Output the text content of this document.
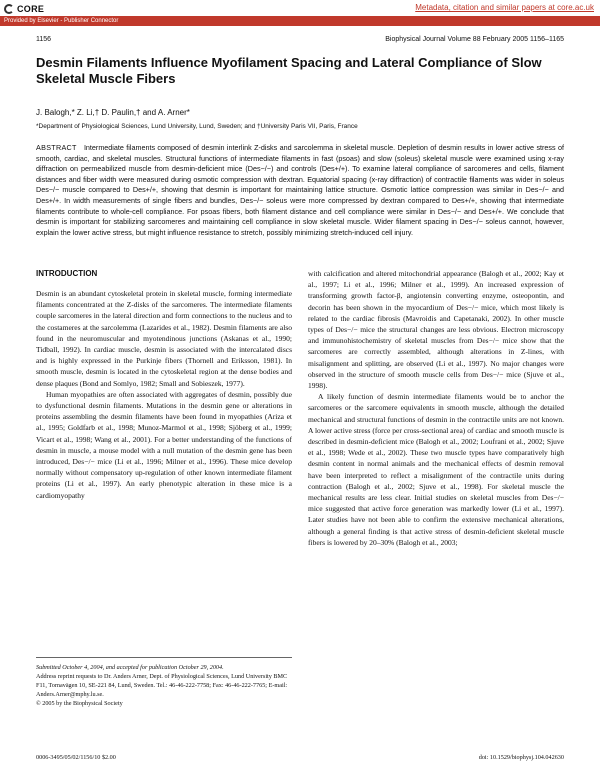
CORE	Metadata, citation and similar papers at core.ac.uk
Provided by Elsevier - Publisher Connector
1156	Biophysical Journal Volume 88 February 2005 1156–1165
Desmin Filaments Influence Myofilament Spacing and Lateral Compliance of Slow Skeletal Muscle Fibers
J. Balogh,* Z. Li,† D. Paulin,† and A. Arner*
*Department of Physiological Sciences, Lund University, Lund, Sweden; and †University Paris VII, Paris, France
ABSTRACT Intermediate filaments composed of desmin interlink Z-disks and sarcolemma in skeletal muscle. Depletion of desmin results in lower active stress of smooth, cardiac, and skeletal muscles. Structural functions of intermediate filaments in fast (psoas) and slow (soleus) skeletal muscle were examined using x-ray diffraction on permeabilized muscle from desmin-deficient mice (Des−/−) and controls (Des+/+). To examine lateral compliance of sarcomeres and cells, filament distances and fiber width were measured during osmotic compression with dextran. Equatorial spacing (x-ray diffraction) of contractile filaments was wider in soleus Des−/− muscle compared to Des+/+, showing that desmin is important for maintaining lattice structure. Osmotic lattice compression was similar in Des−/− and Des+/+. In width measurements of single fibers and bundles, Des−/− soleus were more compressed by dextran compared to Des+/+, showing that intermediate filaments contribute to whole-cell compliance. For psoas fibers, both filament distance and cell compliance were similar in Des−/− and Des+/+. We conclude that desmin is important for stabilizing sarcomeres and maintaining cell compliance in slow skeletal muscle. Wider filament spacing in Des−/− soleus cannot, however, explain the lower active stress, but might influence resistance to stretch, possibly minimizing stretch-induced cell injury.
INTRODUCTION

Desmin is an abundant cytoskeletal protein in skeletal muscle, forming intermediate filaments concentrated at the Z-disks of the sarcomeres. The intermediate filaments couple sarcomeres in the lateral direction and form connections to the nucleus and to the costameres at the sarcolemma (Lazarides et al., 1982). Desmin filaments are also found in the neuromuscular and myotendinous junctions (Askanas et al., 1990; Tidball, 1992). In cardiac muscle, desmin is associated with the intercalated discs and is highly expressed in the Purkinje fibers (Thornell and Eriksson, 1981). In smooth muscle, desmin is located in the cytoskeletal region at the dense bodies and dense plaques (Bond and Somlyo, 1982; Small and Sobieszek, 1977).

Human myopathies are often associated with aggregates of desmin, possibly due to dysfunctional desmin filaments. Mutations in the desmin gene or alterations in proteins assembling the desmin filaments have been found in myopathies (Ariza et al., 1995; Goldfarb et al., 1998; Munoz-Marmol et al., 1998; Sjöberg et al., 1999; Vicart et al., 1998; Wang et al., 2001). For a better understanding of the functions of desmin in muscle, a mouse model with a null mutation of the desmin gene has been introduced, Des−/− mice (Li et al., 1996; Milner et al., 1996). These mice develop normally without compensatory up-regulation of other known intermediate filament proteins (Li et al., 1997). An early phenotypic alteration in these mice is a cardiomyopathy

with calcification and altered mitochondrial appearance (Balogh et al., 2002; Kay et al., 1997; Li et al., 1996; Milner et al., 1999). An increased expression of transforming growth factor-β, angiotensin converting enzyme, osteopontin, and decorin has been shown in the myocardium of Des−/− mice, which most likely is related to the cardiac fibrosis (Mavroidis and Capetanaki, 2002). In other muscle types of Des−/− mice the structural changes are less obvious. Electron microscopy and immunohistochemistry of skeletal muscles from Des−/− mice show that the sarcomeres are correctly assembled, although alterations in Z-lines, with misalignment and splitting, are observed (Li et al., 1997). No major changes were observed in the structure of smooth muscle cells from Des−/− mice (Sjuve et al., 1998).

A likely function of desmin intermediate filaments would be to anchor the sarcomeres or the sarcomere equivalents in smooth muscle, although the detailed mechanical and structural functions of desmin in the contractile units are not known. A lower active stress (force per cross-sectional area) of cardiac and smooth muscle is described in desmin-deficient mice (Balogh et al., 2002; Loufrani et al., 2002; Sjuve et al., 1998; Wede et al., 2002). These two muscle types have comparatively high desmin content in normal animals and the mechanical effects of desmin removal have been interpreted to reflect a misalignment of the contractile units during contraction (Balogh et al., 2002; Sjuve et al., 1998). For skeletal muscle the mechanical results are less clear. Initial studies on skeletal muscles from Des−/− mice suggested that active force generation was markedly lower (Li et al., 1997). Later studies have not been able to confirm the extensive mechanical alterations, although a general finding is that active stress of desmin-deficient skeletal muscle fibers is lowered by 20–30% (Balogh et al., 2003;

Submitted October 4, 2004, and accepted for publication October 29, 2004.
Address reprint requests to Dr. Anders Arner, Dept. of Physiological Sciences, Lund University BMC F11, Tornavägen 10, SE-221 84, Lund, Sweden. Tel.: 46-46-222-7758; Fax: 46-46-222-7765; E-mail: Anders.Arner@mphy.lu.se.
© 2005 by the Biophysical Society
0006-3495/05/02/1156/10 $2.00	doi: 10.1529/biophysj.104.042630
